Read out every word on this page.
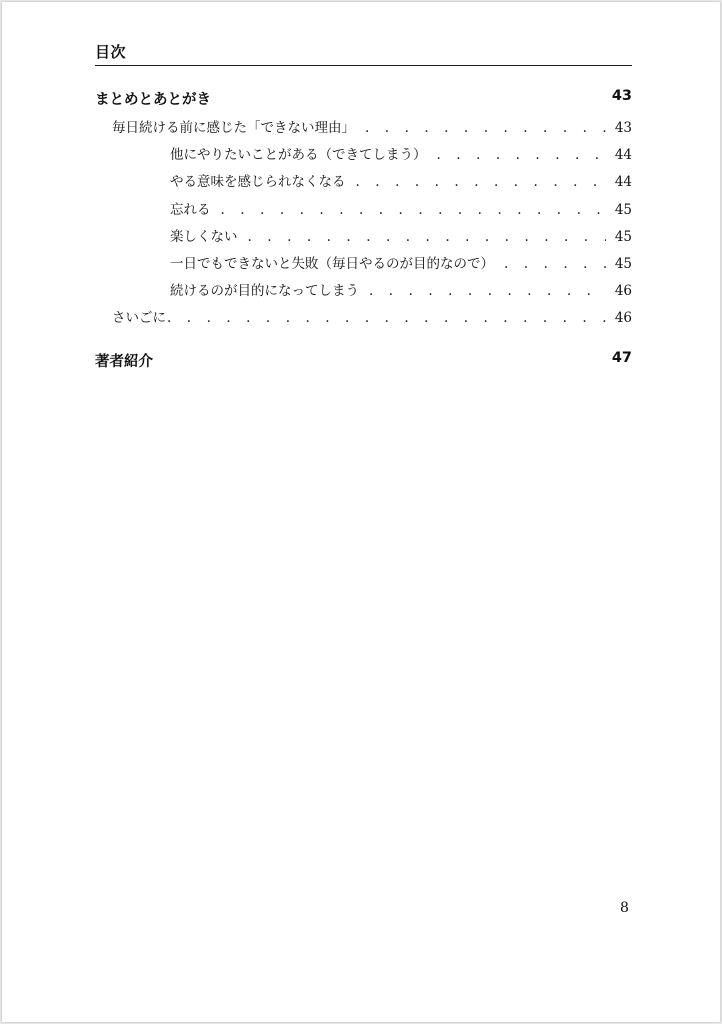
目次
まとめとあとがき	43
毎日続ける前に感じた「できない理由」 . . .	43
他にやりたいことがある（できてしまう） . . .	44
やる意味を感じられなくなる . . .	44
忘れる . . .	45
楽しくない . . .	45
一日でもできないと失敗（毎日やるのが目的なので） . . .	45
続けるのが目的になってしまう . . .	46
さいごに . . .	46
著者紹介	47
8
